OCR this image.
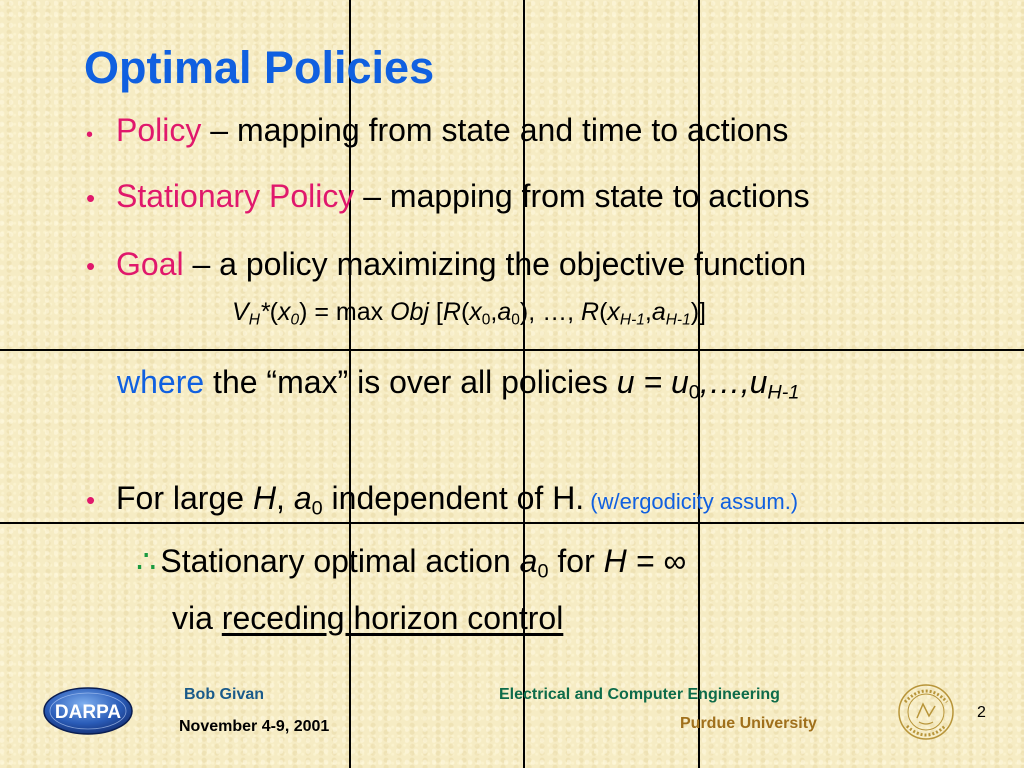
Optimal Policies
• Policy – mapping from state and time to actions
• Stationary Policy – mapping from state to actions
• Goal – a policy maximizing the objective function
$V_H*(x_0) = \max$ Obj [$R(x_0,a_0)$, …, $R(x_{H-1},a_{H-1})$]
where the “max” is over all policies $u = u_0,\dots,u_{H-1}$
• For large H, $a_0$ independent of H. (w/ergodicity assum.)
∴ Stationary optimal action $a_0$ for H = ∞
via receding horizon control
DARPA
Bob Givan
November 4-9, 2001
Electrical and Computer Engineering
Purdue University
2
